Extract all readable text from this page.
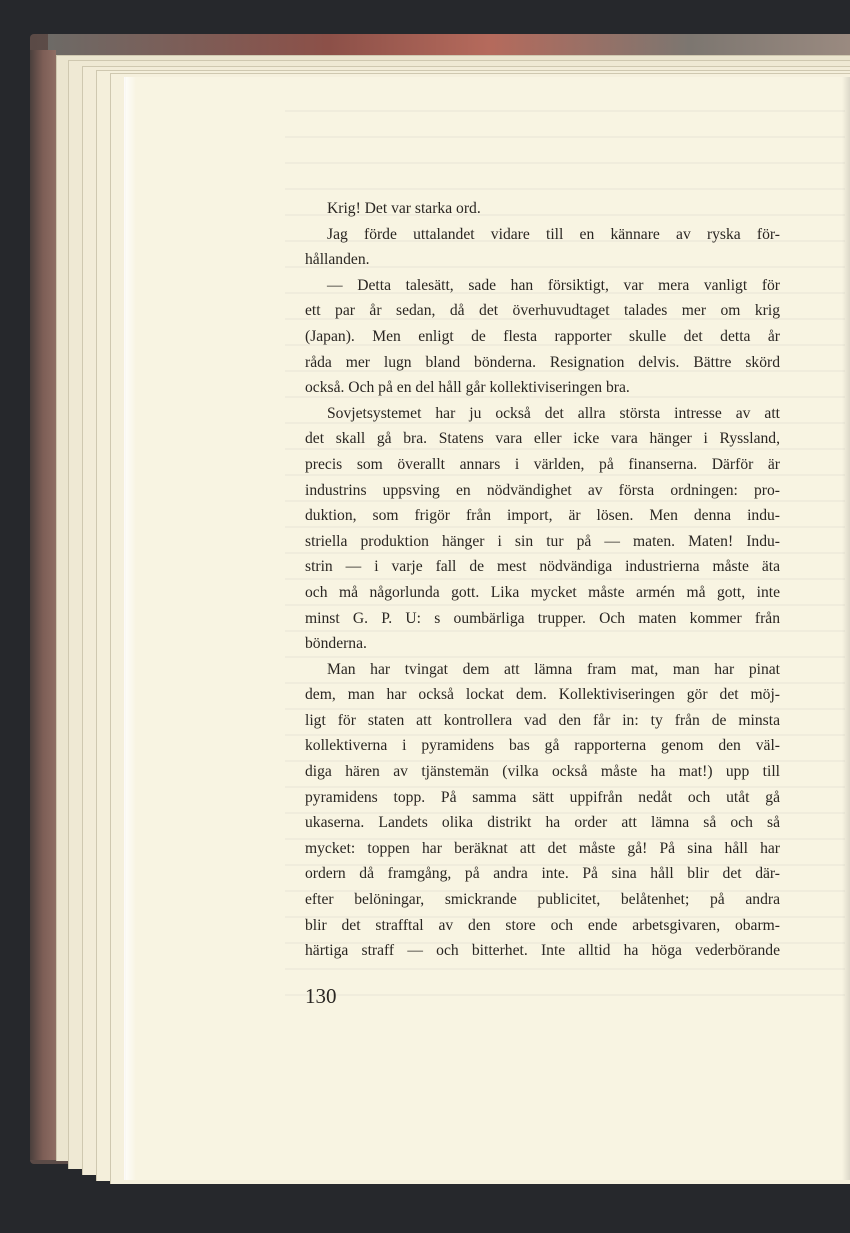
Krig! Det var starka ord.
Jag förde uttalandet vidare till en kännare av ryska för-
hållanden.
— Detta talesätt, sade han försiktigt, var mera vanligt för
ett par år sedan, då det överhuvudtaget talades mer om krig
(Japan). Men enligt de flesta rapporter skulle det detta år
råda mer lugn bland bönderna. Resignation delvis. Bättre skörd
också. Och på en del håll går kollektiviseringen bra.
Sovjetsystemet har ju också det allra största intresse av att
det skall gå bra. Statens vara eller icke vara hänger i Ryssland,
precis som överallt annars i världen, på finanserna. Därför är
industrins uppsving en nödvändighet av första ordningen: pro-
duktion, som frigör från import, är lösen. Men denna indu-
striella produktion hänger i sin tur på — maten. Maten! Indu-
strin — i varje fall de mest nödvändiga industrierna måste äta
och må någorlunda gott. Lika mycket måste armén må gott, inte
minst G. P. U: s oumbärliga trupper. Och maten kommer från
bönderna.
Man har tvingat dem att lämna fram mat, man har pinat
dem, man har också lockat dem. Kollektiviseringen gör det möj-
ligt för staten att kontrollera vad den får in: ty från de minsta
kollektiverna i pyramidens bas gå rapporterna genom den väl-
diga hären av tjänstemän (vilka också måste ha mat!) upp till
pyramidens topp. På samma sätt uppifrån nedåt och utåt gå
ukaserna. Landets olika distrikt ha order att lämna så och så
mycket: toppen har beräknat att det måste gå! På sina håll har
ordern då framgång, på andra inte. På sina håll blir det där-
efter belöningar, smickrande publicitet, belåtenhet; på andra
blir det strafftal av den store och ende arbetsgivaren, obarm-
härtiga straff — och bitterhet. Inte alltid ha höga vederbörande
130
